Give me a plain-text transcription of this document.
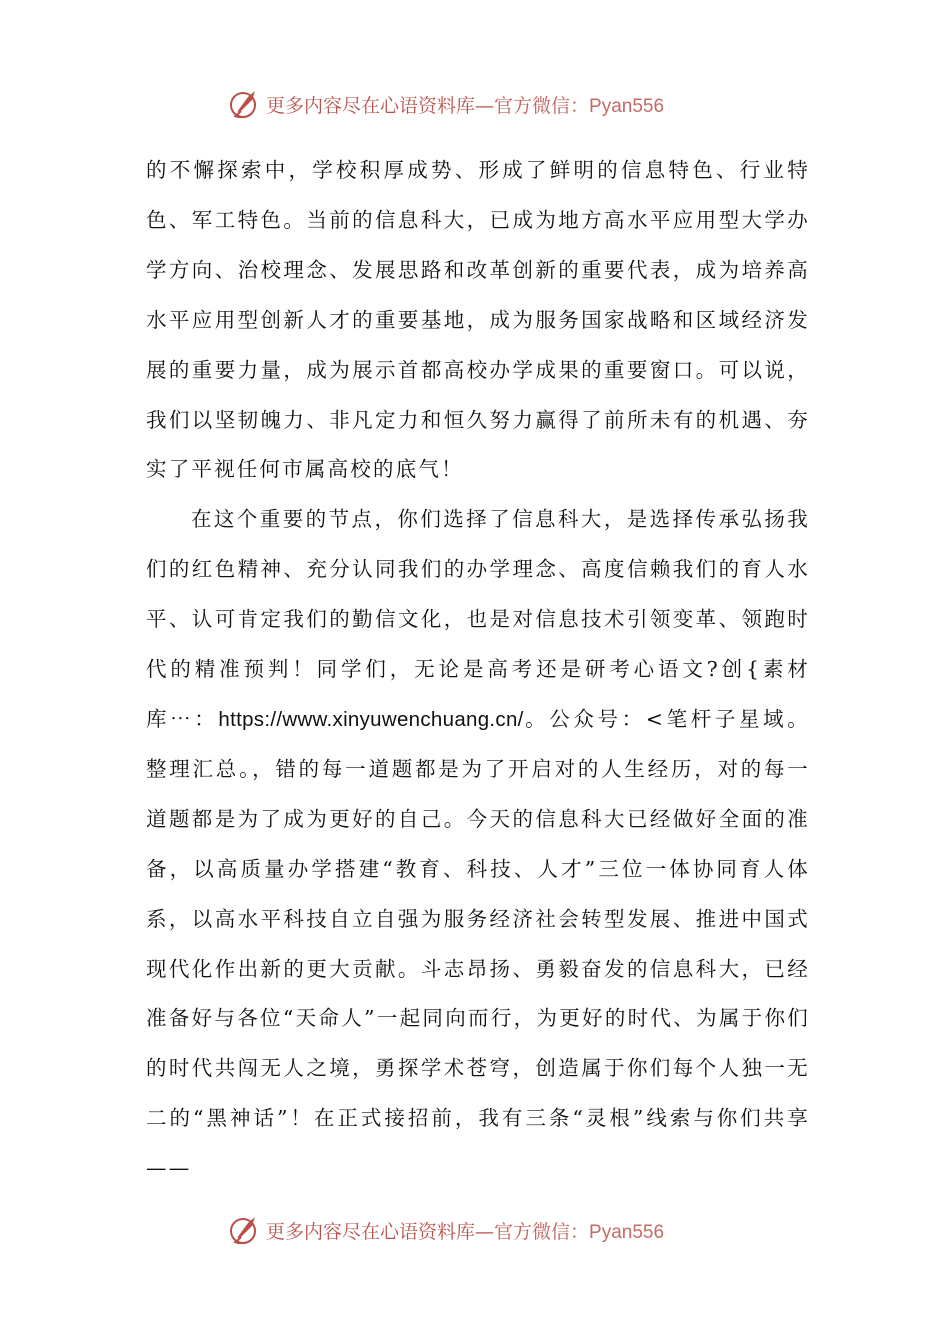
更多内容尽在心语资料库—官方微信：Pyan556

的不懈探索中，学校积厚成势、形成了鲜明的信息特色、行业特色、军工特色。当前的信息科大，已成为地方高水平应用型大学办学方向、治校理念、发展思路和改革创新的重要代表，成为培养高水平应用型创新人才的重要基地，成为服务国家战略和区域经济发展的重要力量，成为展示首都高校办学成果的重要窗口。可以说，我们以坚韧魄力、非凡定力和恒久努力赢得了前所未有的机遇、夯实了平视任何市属高校的底气！

在这个重要的节点，你们选择了信息科大，是选择传承弘扬我们的红色精神、充分认同我们的办学理念、高度信赖我们的育人水平、认可肯定我们的勤信文化，也是对信息技术引领变革、领跑时代的精准预判！同学们，无论是高考还是研考心语文?创{素材库⋯：https://www.xinyuwenchuang.cn/。公众号：<笔杆子星域。整理汇总。，错的每一道题都是为了开启对的人生经历，对的每一道题都是为了成为更好的自己。今天的信息科大已经做好全面的准备，以高质量办学搭建“教育、科技、人才”三位一体协同育人体系，以高水平科技自立自强为服务经济社会转型发展、推进中国式现代化作出新的更大贡献。斗志昂扬、勇毅奋发的信息科大，已经准备好与各位“天命人”一起同向而行，为更好的时代、为属于你们的时代共闯无人之境，勇探学术苍穹，创造属于你们每个人独一无二的“黑神话”！在正式接招前，我有三条“灵根”线索与你们共享——

更多内容尽在心语资料库—官方微信：Pyan556
